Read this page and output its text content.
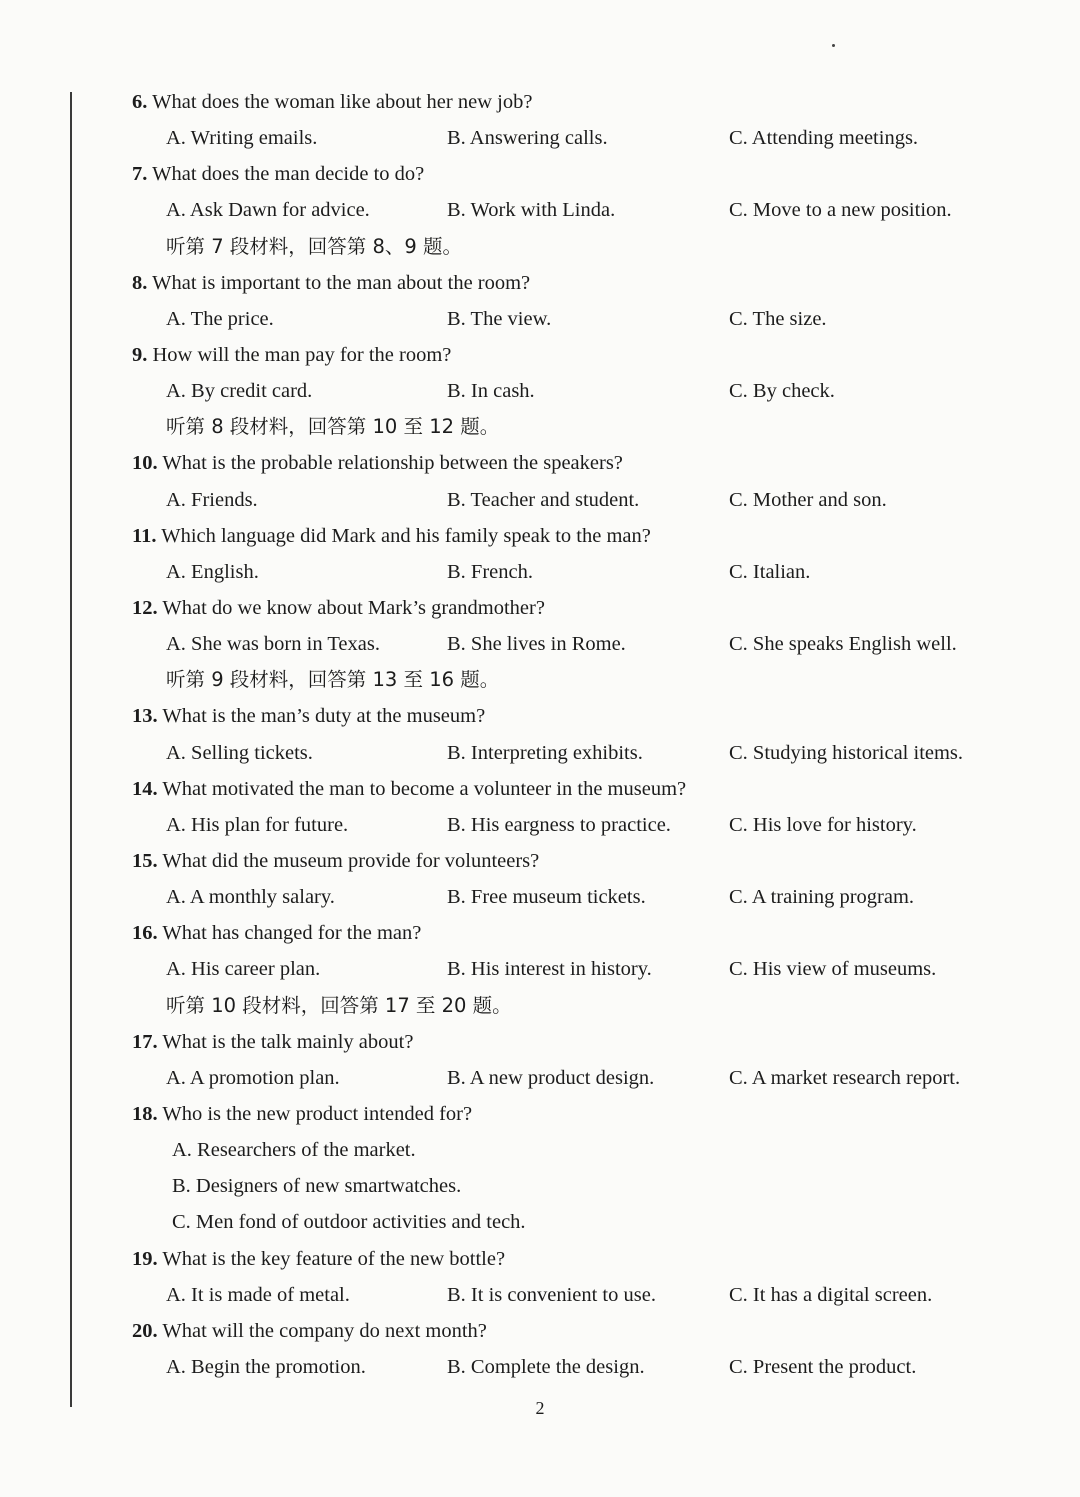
6. What does the woman like about her new job?
A. Writing emails.	B. Answering calls.	C. Attending meetings.
7. What does the man decide to do?
A. Ask Dawn for advice.	B. Work with Linda.	C. Move to a new position.
听第 7 段材料，回答第 8、9 题。
8. What is important to the man about the room?
A. The price.	B. The view.	C. The size.
9. How will the man pay for the room?
A. By credit card.	B. In cash.	C. By check.
听第 8 段材料，回答第 10 至 12 题。
10. What is the probable relationship between the speakers?
A. Friends.	B. Teacher and student.	C. Mother and son.
11. Which language did Mark and his family speak to the man?
A. English.	B. French.	C. Italian.
12. What do we know about Mark’s grandmother?
A. She was born in Texas.	B. She lives in Rome.	C. She speaks English well.
听第 9 段材料，回答第 13 至 16 题。
13. What is the man’s duty at the museum?
A. Selling tickets.	B. Interpreting exhibits.	C. Studying historical items.
14. What motivated the man to become a volunteer in the museum?
A. His plan for future.	B. His eargness to practice.	C. His love for history.
15. What did the museum provide for volunteers?
A. A monthly salary.	B. Free museum tickets.	C. A training program.
16. What has changed for the man?
A. His career plan.	B. His interest in history.	C. His view of museums.
听第 10 段材料，回答第 17 至 20 题。
17. What is the talk mainly about?
A. A promotion plan.	B. A new product design.	C. A market research report.
18. Who is the new product intended for?
A. Researchers of the market.
B. Designers of new smartwatches.
C. Men fond of outdoor activities and tech.
19. What is the key feature of the new bottle?
A. It is made of metal.	B. It is convenient to use.	C. It has a digital screen.
20. What will the company do next month?
A. Begin the promotion.	B. Complete the design.	C. Present the product.
2
